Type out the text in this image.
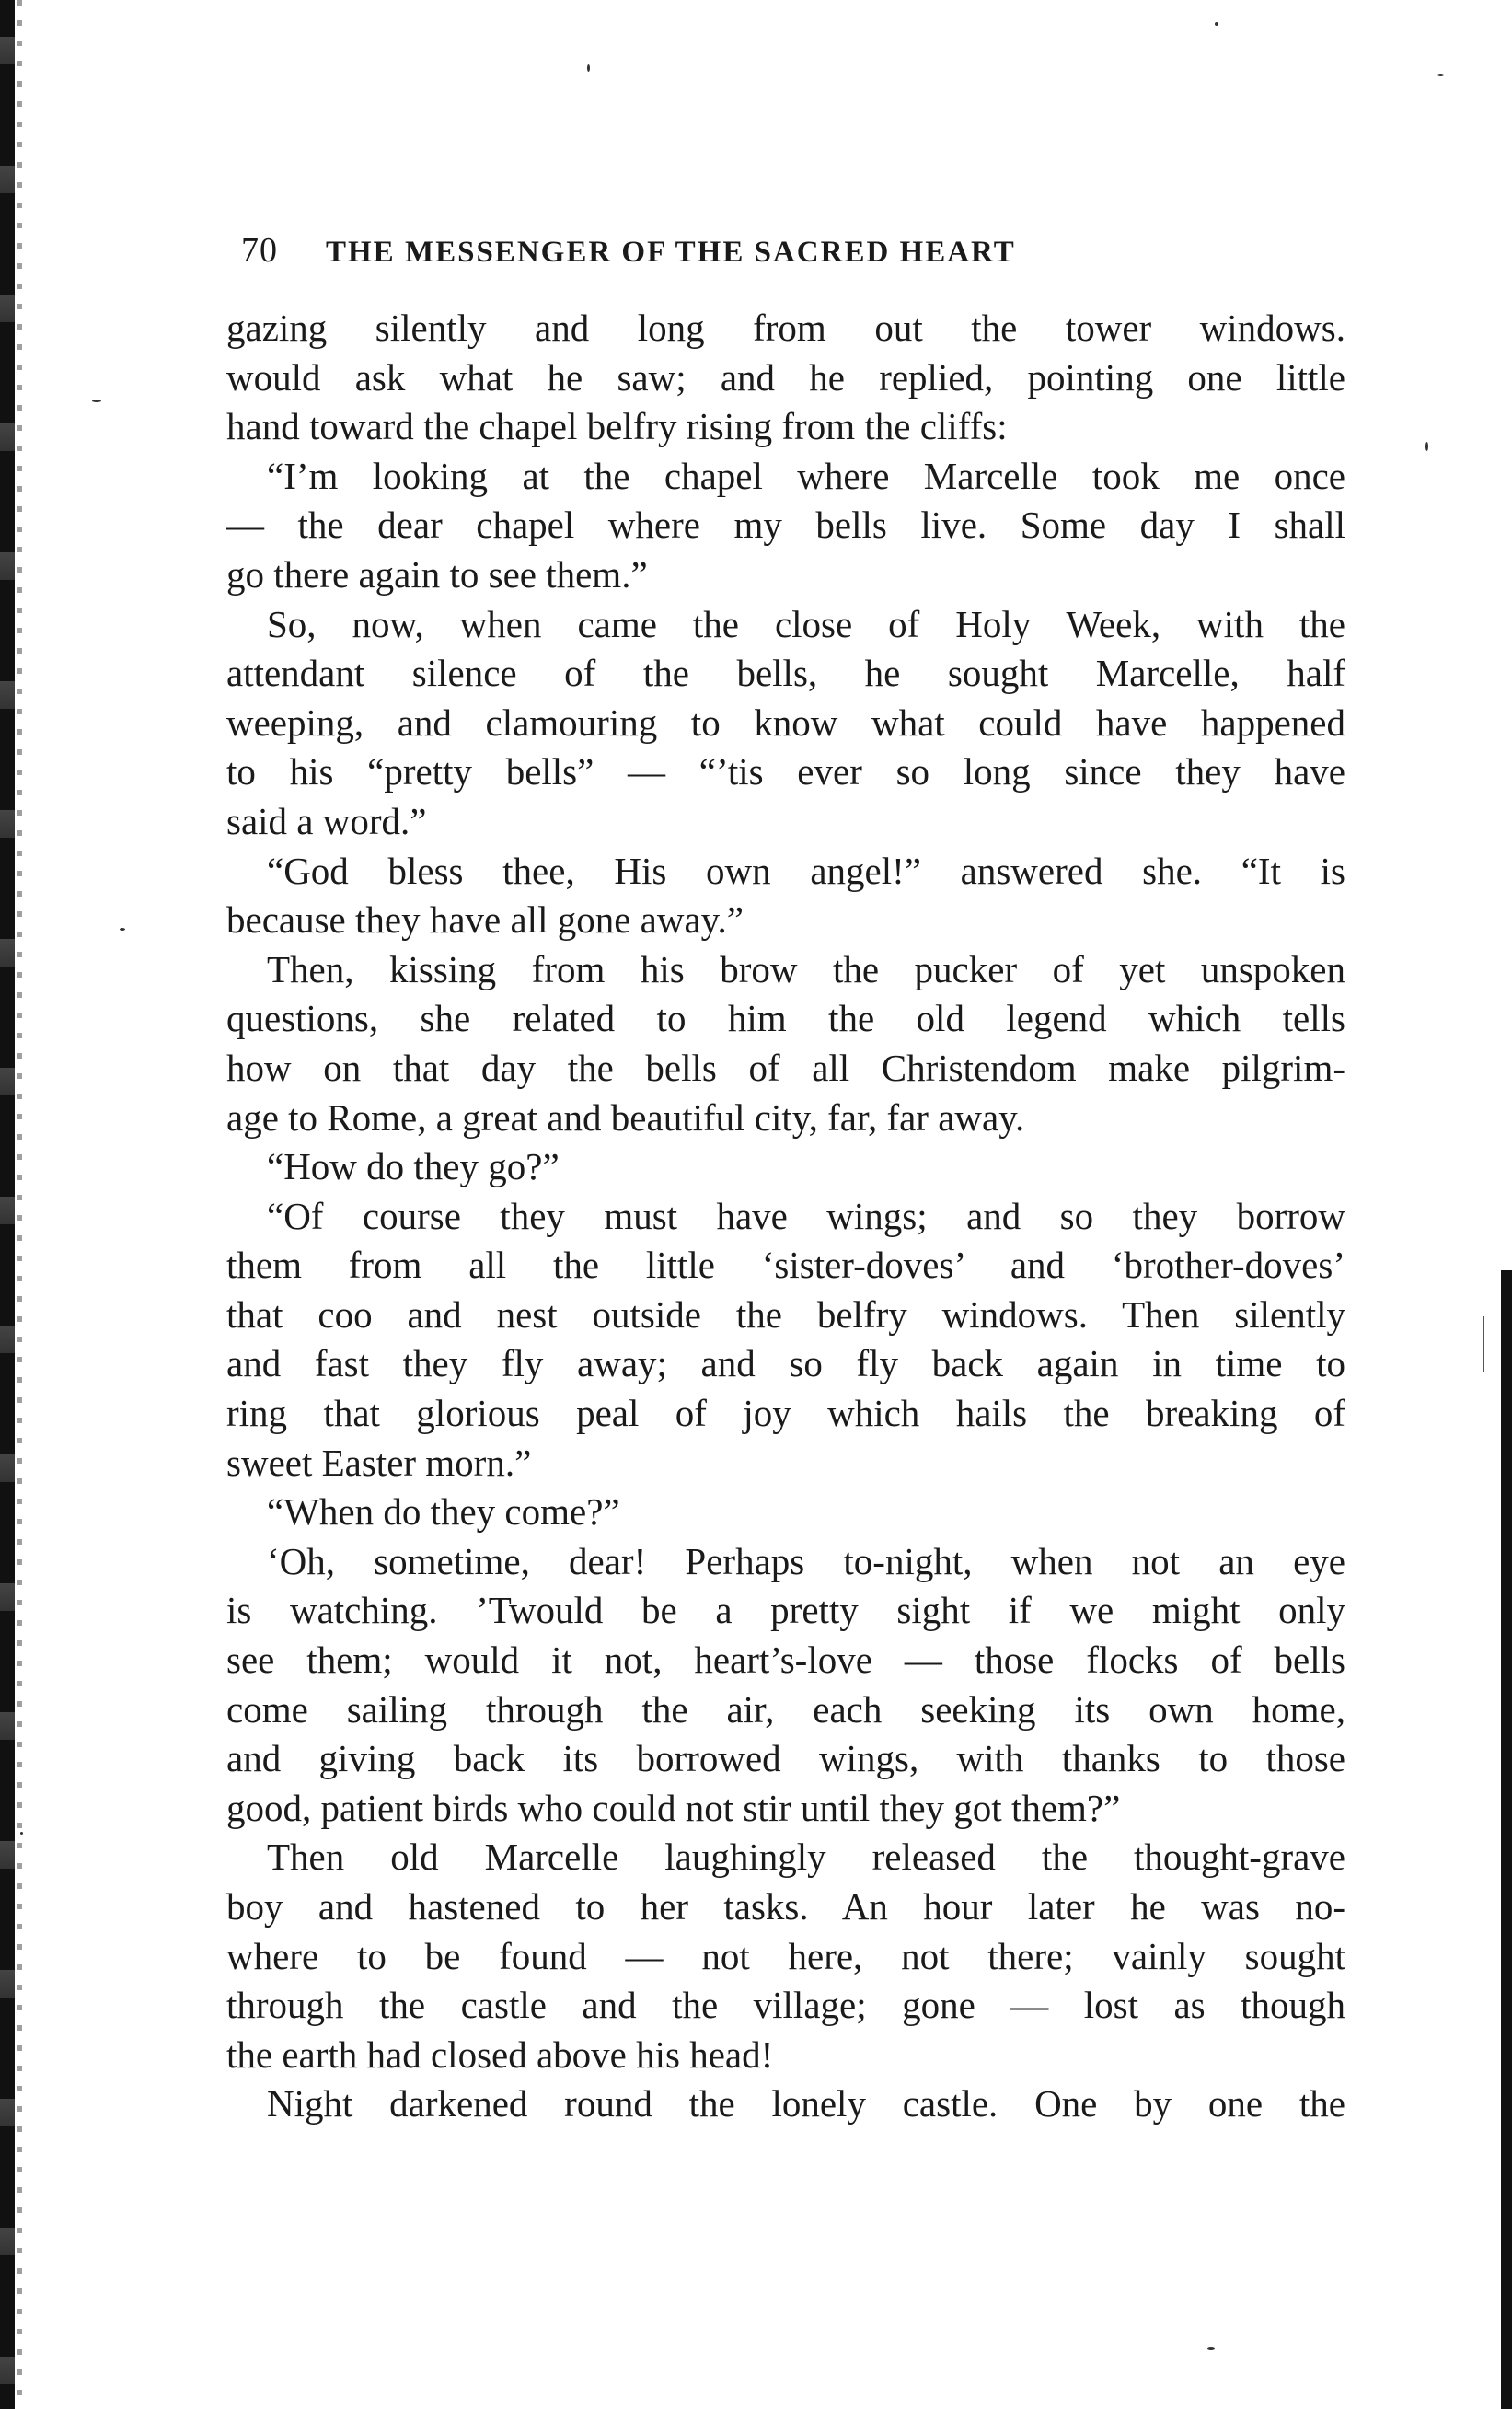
70	THE MESSENGER OF THE SACRED HEART
gazing silently and long from out the tower windows.
would ask what he saw; and he replied, pointing one little
hand toward the chapel belfry rising from the cliffs:
“I’m looking at the chapel where Marcelle took me once
— the dear chapel where my bells live. Some day I shall
go there again to see them.”
So, now, when came the close of Holy Week, with the
attendant silence of the bells, he sought Marcelle, half
weeping, and clamouring to know what could have happened
to his “pretty bells” — “’tis ever so long since they have
said a word.”
“God bless thee, His own angel!” answered she. “It is
because they have all gone away.”
Then, kissing from his brow the pucker of yet unspoken
questions, she related to him the old legend which tells
how on that day the bells of all Christendom make pilgrim-
age to Rome, a great and beautiful city, far, far away.
“How do they go?”
“Of course they must have wings; and so they borrow
them from all the little ‘sister-doves’ and ‘brother-doves’
that coo and nest outside the belfry windows. Then silently
and fast they fly away; and so fly back again in time to
ring that glorious peal of joy which hails the breaking of
sweet Easter morn.”
“When do they come?”
‘Oh, sometime, dear! Perhaps to-night, when not an eye
is watching. ’Twould be a pretty sight if we might only
see them; would it not, heart’s-love — those flocks of bells
come sailing through the air, each seeking its own home,
and giving back its borrowed wings, with thanks to those
good, patient birds who could not stir until they got them?”
Then old Marcelle laughingly released the thought-grave
boy and hastened to her tasks. An hour later he was no-
where to be found — not here, not there; vainly sought
through the castle and the village; gone — lost as though
the earth had closed above his head!
Night darkened round the lonely castle. One by one the
